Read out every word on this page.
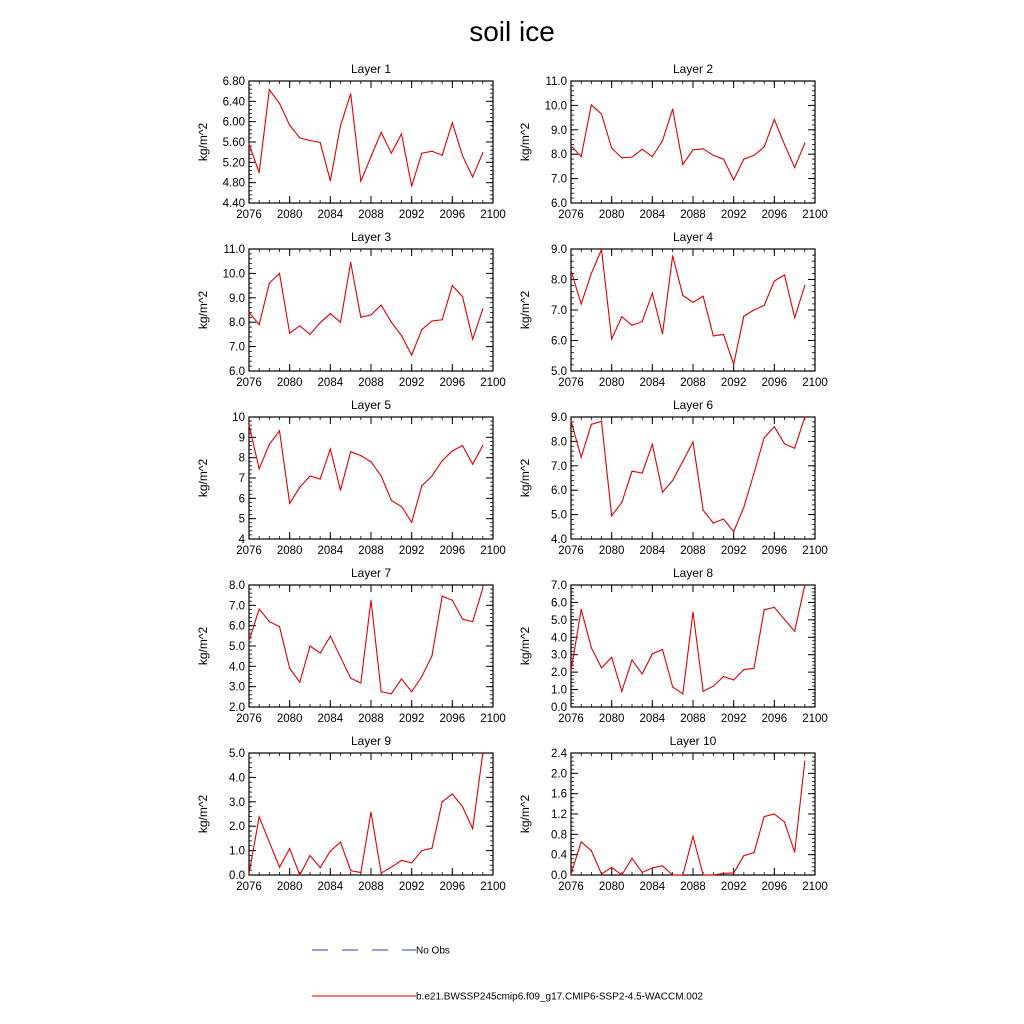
soil ice
2076 2080 2084 2088 2092 2096 2100
4.40
4.80
5.20
5.60
6.00
6.40
6.80
Layer 1
kg/m^2
2076 2080 2084 2088 2092 2096 2100
6.0
7.0
8.0
9.0
10.0
11.0
Layer 2
kg/m^2
2076 2080 2084 2088 2092 2096 2100
6.0
7.0
8.0
9.0
10.0
11.0
Layer 3
kg/m^2
2076 2080 2084 2088 2092 2096 2100
5.0
6.0
7.0
8.0
9.0
Layer 4
kg/m^2
2076 2080 2084 2088 2092 2096 2100
4
5
6
7
8
9
10
Layer 5
kg/m^2
2076 2080 2084 2088 2092 2096 2100
4.0
5.0
6.0
7.0
8.0
9.0
Layer 6
kg/m^2
2076 2080 2084 2088 2092 2096 2100
2.0
3.0
4.0
5.0
6.0
7.0
8.0
Layer 7
kg/m^2
2076 2080 2084 2088 2092 2096 2100
0.0
1.0
2.0
3.0
4.0
5.0
6.0
7.0
Layer 8
kg/m^2
2076 2080 2084 2088 2092 2096 2100
0.0
1.0
2.0
3.0
4.0
5.0
Layer 9
kg/m^2
2076 2080 2084 2088 2092 2096 2100
0.0
0.4
0.8
1.2
1.6
2.0
2.4
Layer 10
kg/m^2
No Obs
b.e21.BWSSP245cmip6.f09_g17.CMIP6-SSP2-4.5-WACCM.002
